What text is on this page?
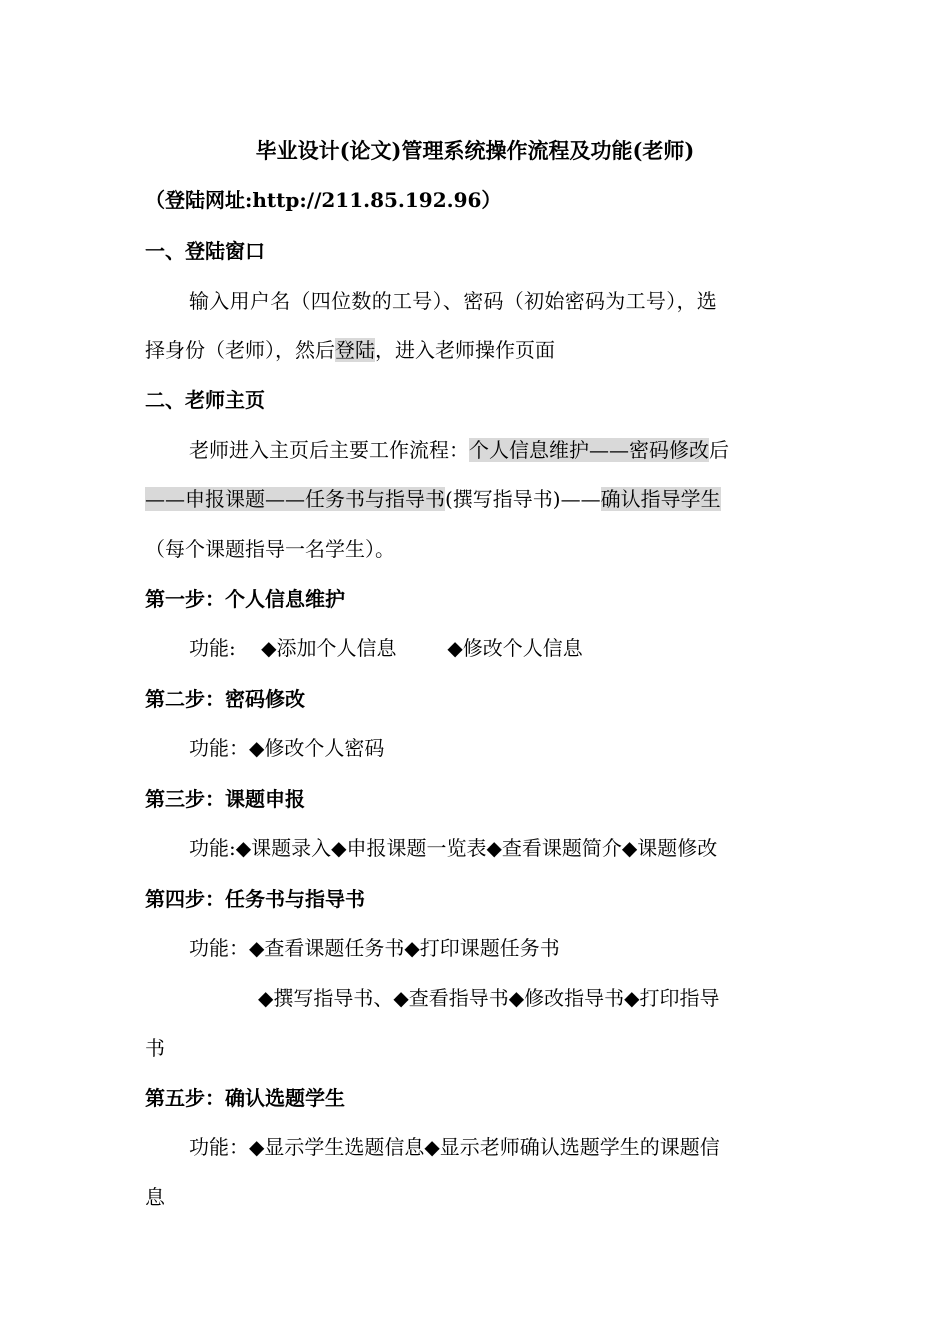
毕业设计(论文)管理系统操作流程及功能(老师)
（登陆网址:http://211.85.192.96）
一、登陆窗口
输入用户名（四位数的工号）、密码（初始密码为工号），选
择身份（老师），然后登陆，进入老师操作页面
二、老师主页
老师进入主页后主要工作流程：个人信息维护——密码修改后
——申报课题——任务书与指导书(撰写指导书)——确认指导学生
（每个课题指导一名学生）。
第一步：个人信息维护
功能:    ◆添加个人信息        ◆修改个人信息
第二步：密码修改
功能：◆修改个人密码
第三步：课题申报
功能:◆课题录入◆申报课题一览表◆查看课题简介◆课题修改
第四步：任务书与指导书
功能：◆查看课题任务书◆打印课题任务书
◆撰写指导书、◆查看指导书◆修改指导书◆打印指导
书
第五步：确认选题学生
功能：◆显示学生选题信息◆显示老师确认选题学生的课题信
息
